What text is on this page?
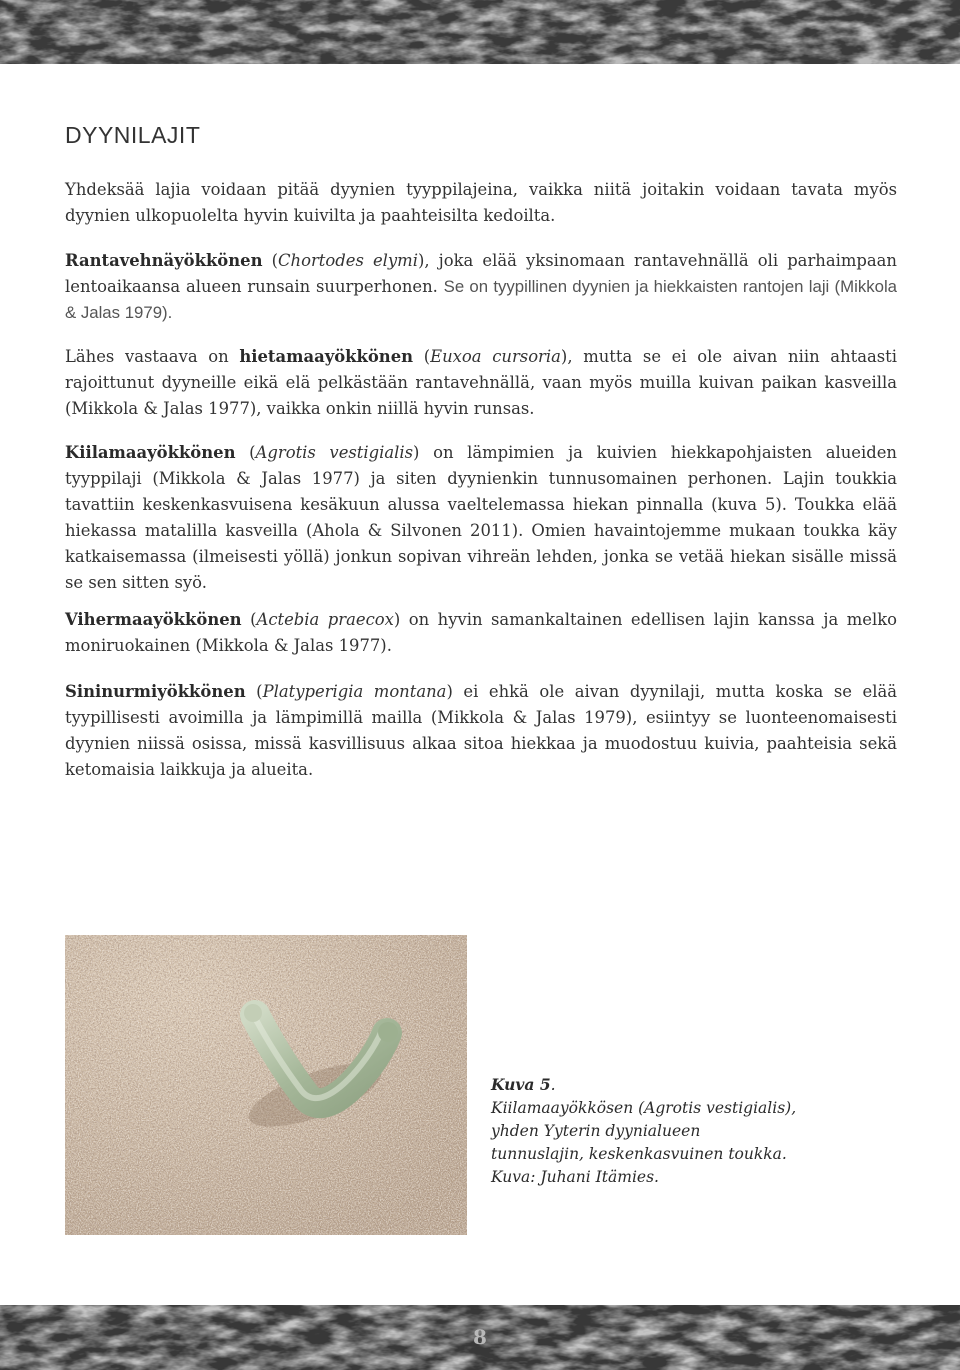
DYYNILAJIT

Yhdeksää lajia voidaan pitää dyynien tyyppilajeina, vaikka niitä joitakin voidaan tavata myös dyynien ulkopuolelta hyvin kuivilta ja paahteisilta kedoilta.

Rantavehnäyökkönen (Chortodes elymi), joka elää yksinomaan rantavehnällä oli parhaimpaan lentoaikaansa alueen runsain suurperhonen. Se on tyypillinen dyynien ja hiekkaisten rantojen laji (Mikkola & Jalas 1979).

Lähes vastaava on hietamaayökkönen (Euxoa cursoria), mutta se ei ole aivan niin ahtaasti rajoittunut dyyneille eikä elä pelkästään rantavehnällä, vaan myös muilla kuivan paikan kasveilla (Mikkola & Jalas 1977), vaikka onkin niillä hyvin runsas.

Kiilamaayökkönen (Agrotis vestigialis) on lämpimien ja kuivien hiekkapohjaisten alueiden tyyppilaji (Mikkola & Jalas 1977) ja siten dyynienkin tunnusomainen perhonen. Lajin toukkia tavattiin keskenkasvuisena kesäkuun alussa vaeltelemassa hiekan pinnalla (kuva 5). Toukka elää hiekassa matalilla kasveilla (Ahola & Silvonen 2011). Omien havaintojemme mukaan toukka käy katkaisemassa (ilmeisesti yöllä) jonkun sopivan vihreän lehden, jonka se vetää hiekan sisälle missä se sen sitten syö.

Vihermaayökkönen (Actebia praecox) on hyvin samankaltainen edellisen lajin kanssa ja melko moniruokainen (Mikkola & Jalas 1977).

Sininurmiyökkönen (Platyperigia montana) ei ehkä ole aivan dyynilaji, mutta koska se elää tyypillisesti avoimilla ja lämpimillä mailla (Mikkola & Jalas 1979), esiintyy se luonteenomaisesti dyynien niissä osissa, missä kasvillisuus alkaa sitoa hiekkaa ja muodostuu kuivia, paahteisia sekä ketomaisia laikkuja ja alueita.

Kuva 5.
Kiilamaayökkösen (Agrotis vestigialis),
yhden Yyterin dyynialueen
tunnuslajin, keskenkasvuinen toukka.
Kuva: Juhani Itämies.

8
